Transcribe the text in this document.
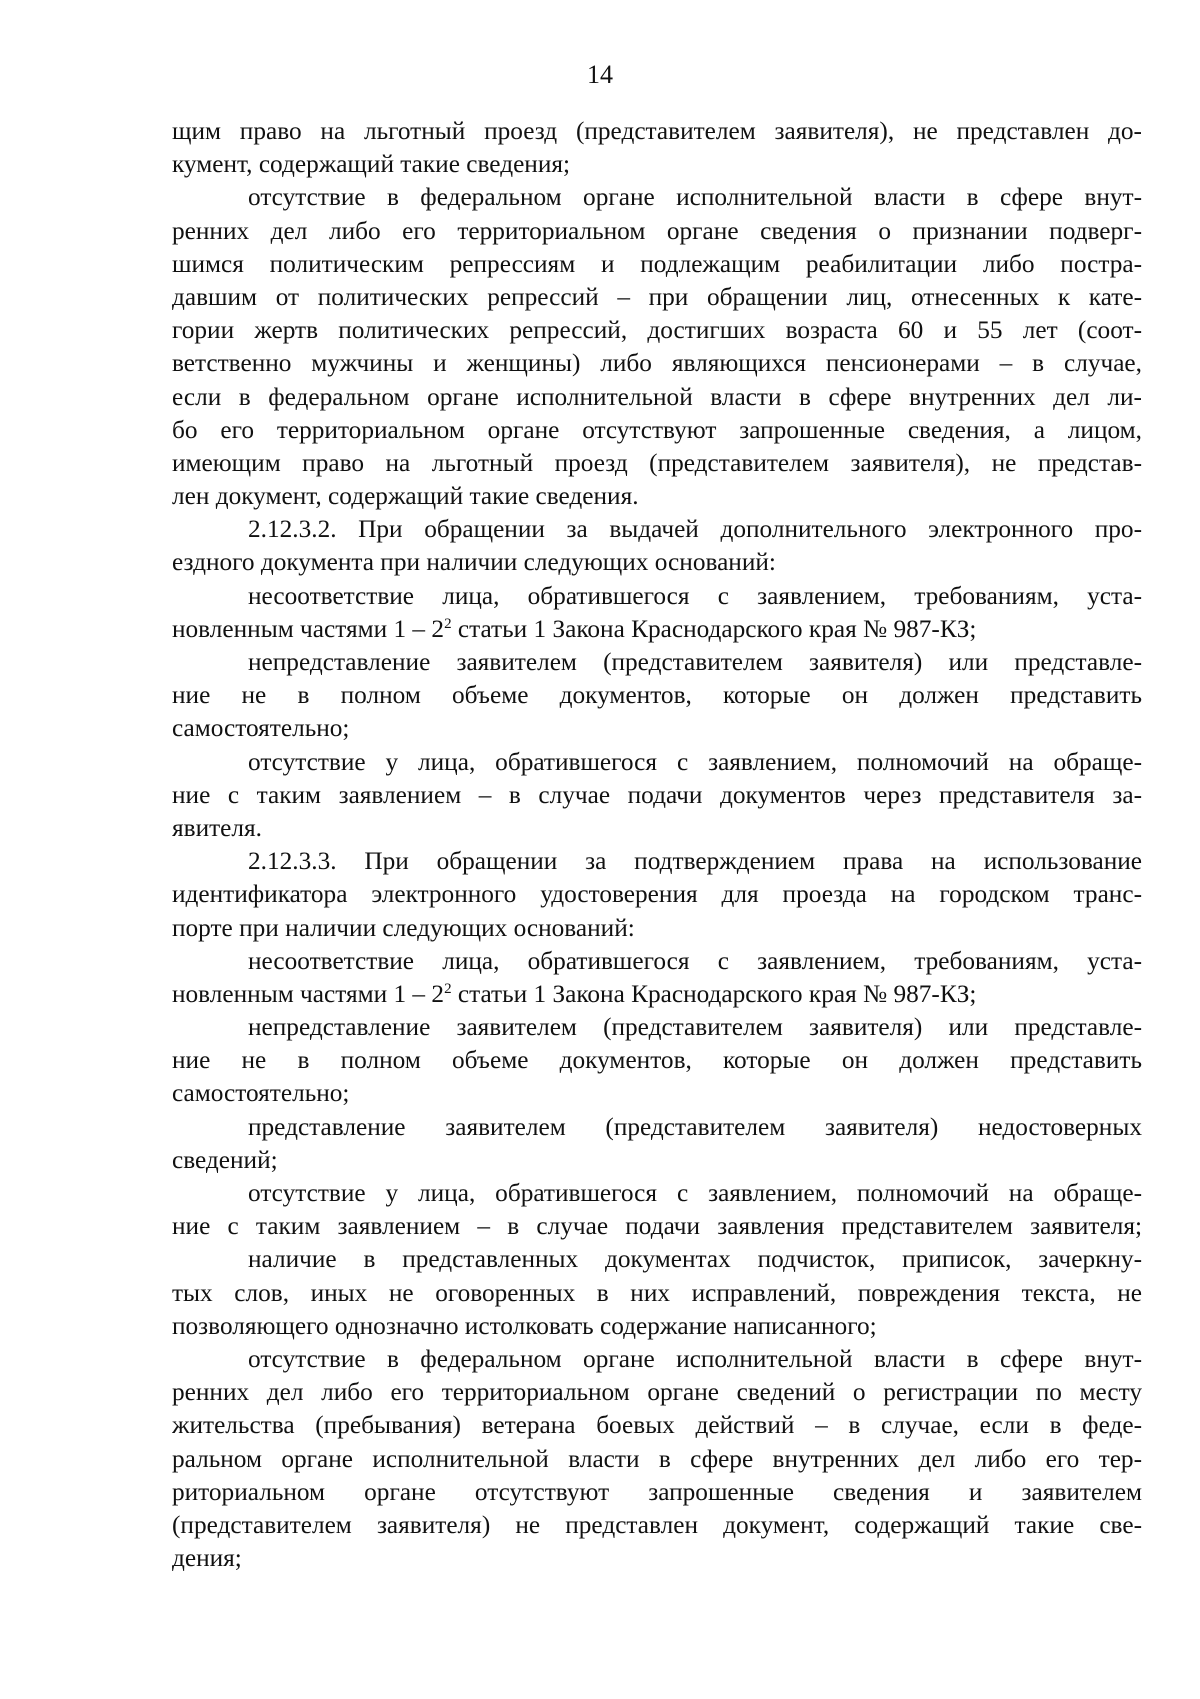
14
щим право на льготный проезд (представителем заявителя), не представлен до-
кумент, содержащий такие сведения;
отсутствие в федеральном органе исполнительной власти в сфере внут-
ренних дел либо его территориальном органе сведения о признании подверг-
шимся политическим репрессиям и подлежащим реабилитации либо постра-
давшим от политических репрессий – при обращении лиц, отнесенных к кате-
гории жертв политических репрессий, достигших возраста 60 и 55 лет (соот-
ветственно мужчины и женщины) либо являющихся пенсионерами – в случае,
если в федеральном органе исполнительной власти в сфере внутренних дел ли-
бо его территориальном органе отсутствуют запрошенные сведения, а лицом,
имеющим право на льготный проезд (представителем заявителя), не представ-
лен документ, содержащий такие сведения.
2.12.3.2. При обращении за выдачей дополнительного электронного про-
ездного документа при наличии следующих оснований:
несоответствие лица, обратившегося с заявлением, требованиям, уста-
новленным частями $1 - 2^2$ статьи 1 Закона Краснодарского края № 987-КЗ;
непредставление заявителем (представителем заявителя) или представле-
ние не в полном объеме документов, которые он должен представить
самостоятельно;
отсутствие у лица, обратившегося с заявлением, полномочий на обраще-
ние с таким заявлением – в случае подачи документов через представителя за-
явителя.
2.12.3.3. При обращении за подтверждением права на использование
идентификатора электронного удостоверения для проезда на городском транс-
порте при наличии следующих оснований:
несоответствие лица, обратившегося с заявлением, требованиям, уста-
новленным частями $1 - 2^2$ статьи 1 Закона Краснодарского края № 987-КЗ;
непредставление заявителем (представителем заявителя) или представле-
ние не в полном объеме документов, которые он должен представить
самостоятельно;
представление заявителем (представителем заявителя) недостоверных
сведений;
отсутствие у лица, обратившегося с заявлением, полномочий на обраще-
ние с таким заявлением – в случае подачи заявления представителем заявителя;
наличие в представленных документах подчисток, приписок, зачеркну-
тых слов, иных не оговоренных в них исправлений, повреждения текста, не
позволяющего однозначно истолковать содержание написанного;
отсутствие в федеральном органе исполнительной власти в сфере внут-
ренних дел либо его территориальном органе сведений о регистрации по месту
жительства (пребывания) ветерана боевых действий – в случае, если в феде-
ральном органе исполнительной власти в сфере внутренних дел либо его тер-
риториальном органе отсутствуют запрошенные сведения и заявителем
(представителем заявителя) не представлен документ, содержащий такие све-
дения;
